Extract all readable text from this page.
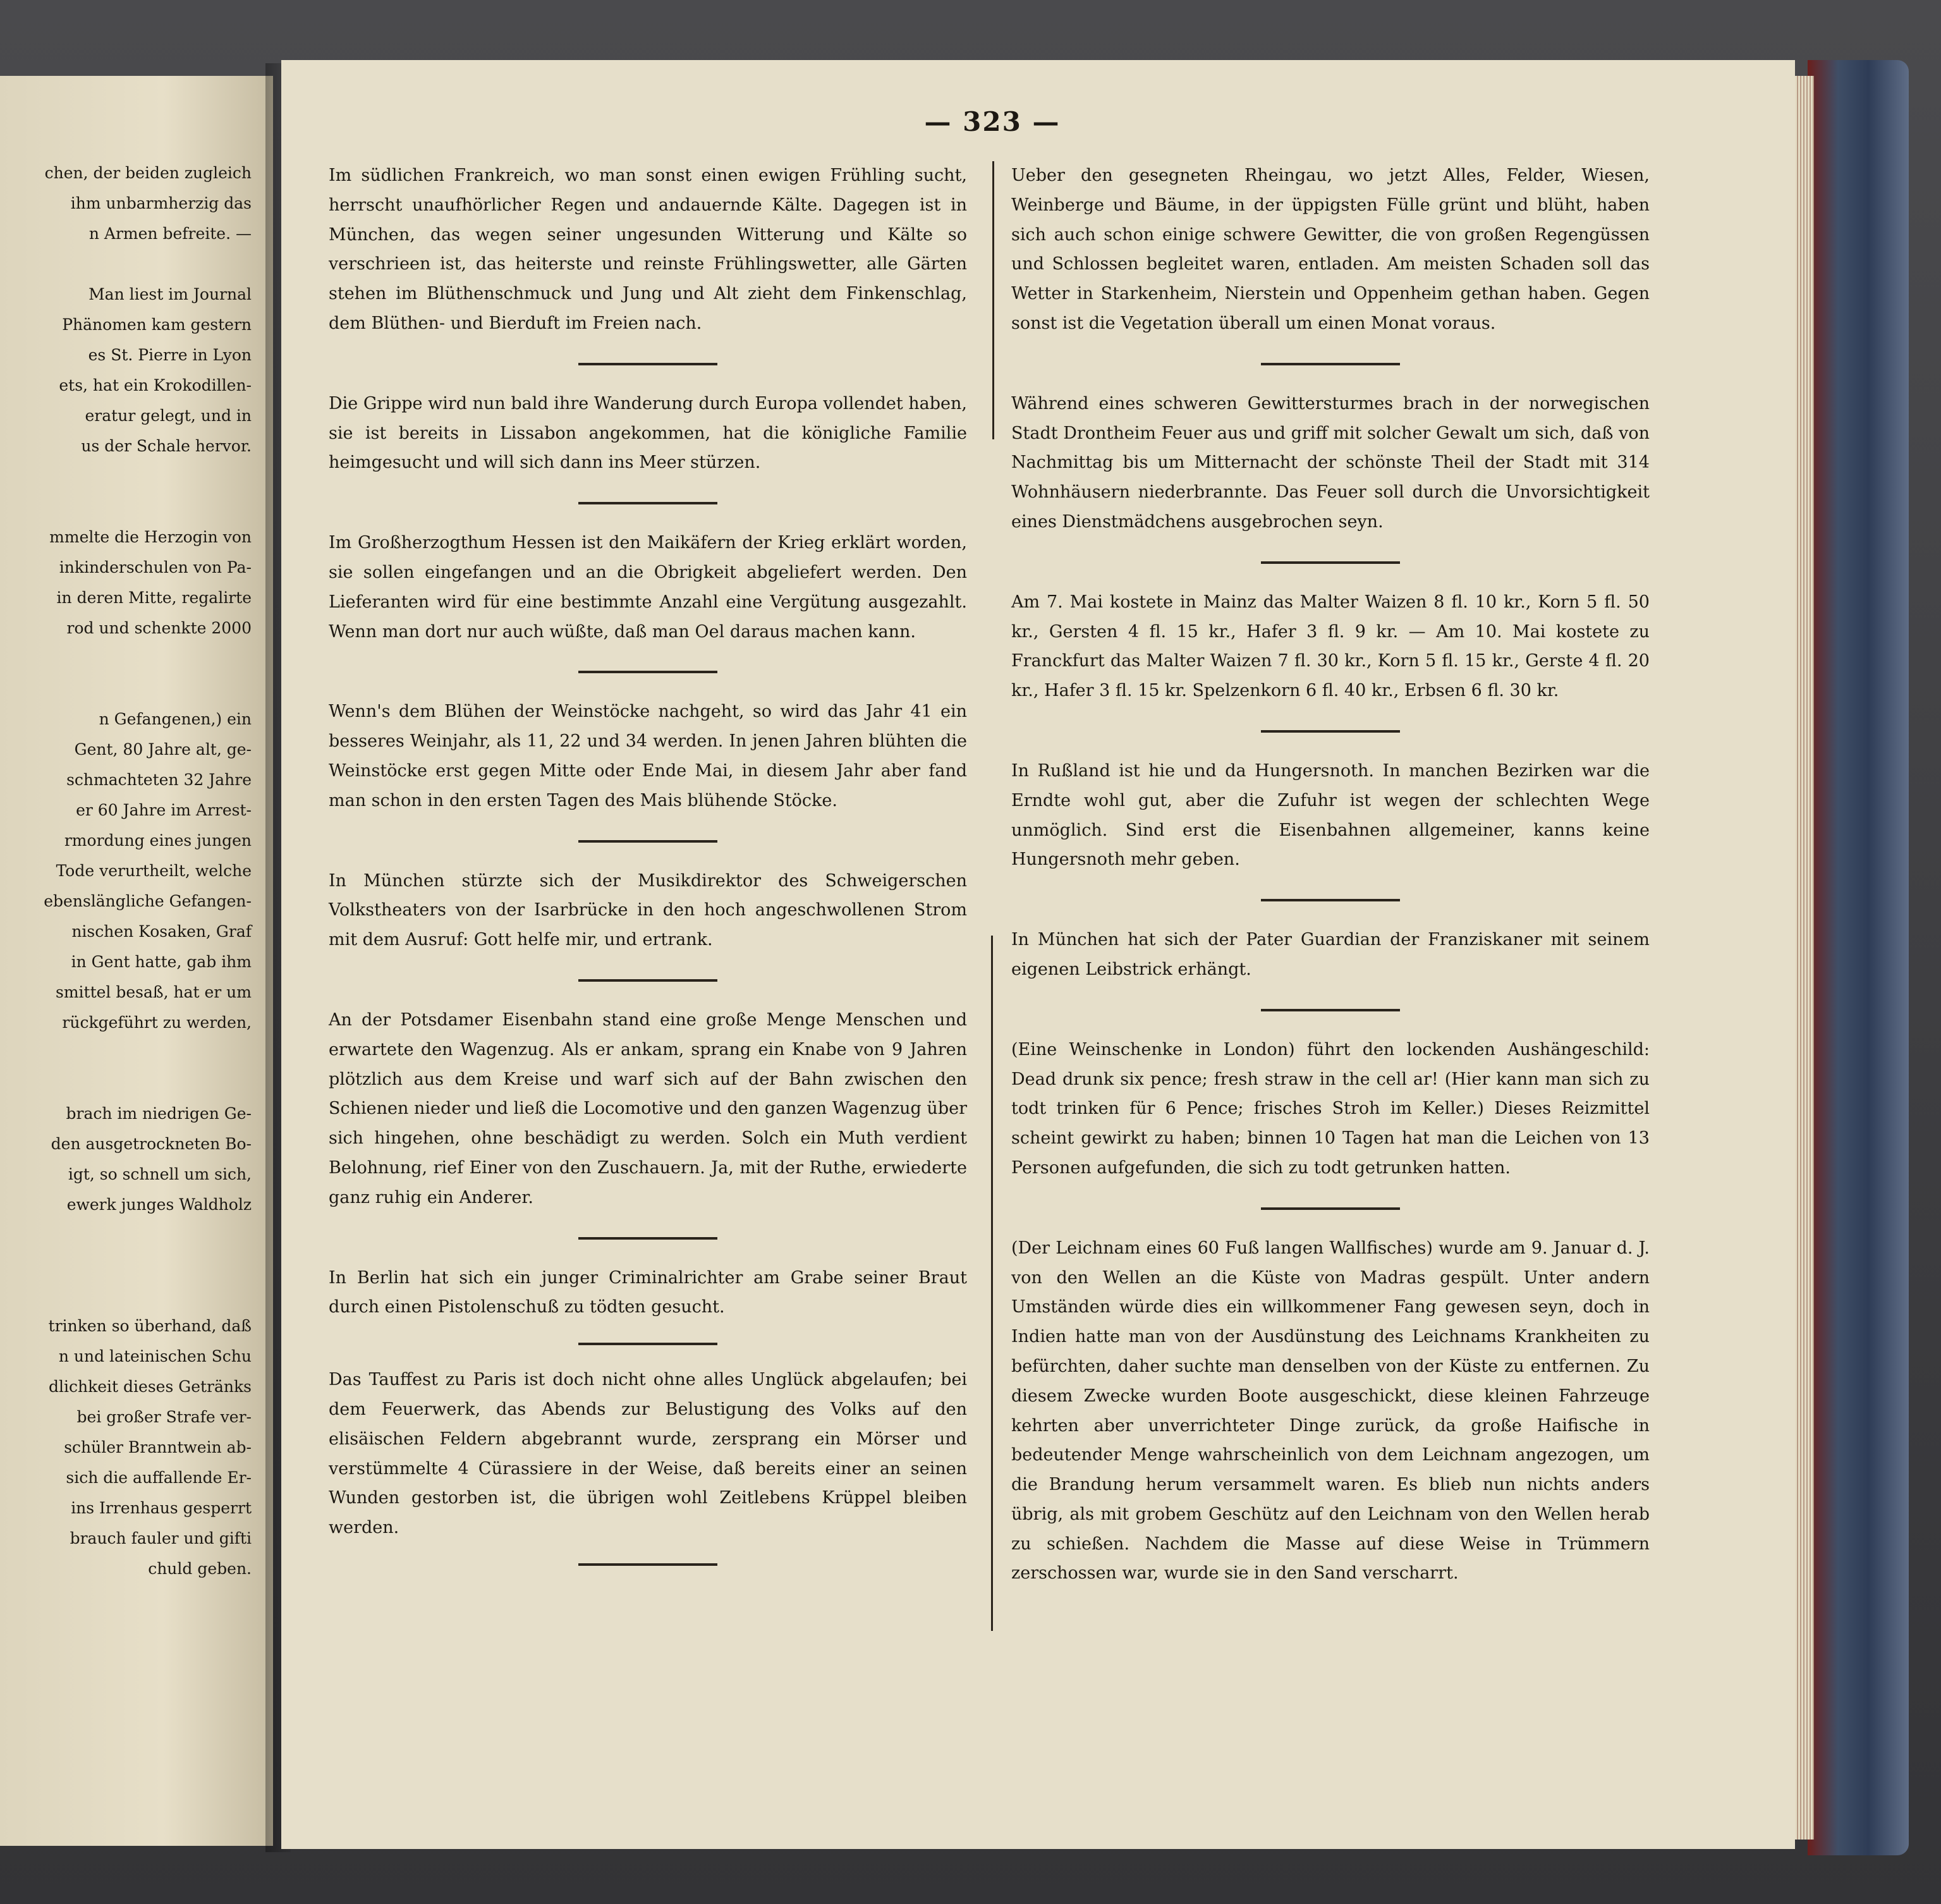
chen, der beiden zugleich

ihm unbarmherzig das

n Armen befreite. —

Man liest im Journal

Phänomen kam gestern

es St. Pierre in Lyon

ets, hat ein Krokodillen-

eratur gelegt, und in

us der Schale hervor.

mmelte die Herzogin von

inkinderschulen von Pa-

in deren Mitte, regalirte

rod und schenkte 2000

n Gefangenen,) ein

Gent, 80 Jahre alt, ge-

schmachteten 32 Jahre

er 60 Jahre im Arrest-

rmordung eines jungen

Tode verurtheilt, welche

ebenslängliche Gefangen-

nischen Kosaken, Graf

in Gent hatte, gab ihm

smittel besaß, hat er um

rückgeführt zu werden,

brach im niedrigen Ge-

den ausgetrockneten Bo-

igt, so schnell um sich,

ewerk junges Waldholz

trinken so überhand, daß

n und lateinischen Schu

dlichkeit dieses Getränks

bei großer Strafe ver-

schüler Branntwein ab-

sich die auffallende Er-

ins Irrenhaus gesperrt

brauch fauler und gifti

chuld geben.

— 323 —

Im südlichen Frankreich, wo man sonst einen ewigen Frühling sucht, herrscht unaufhörlicher Regen und andauernde Kälte. Dagegen ist in München, das wegen seiner ungesunden Witterung und Kälte so verschrieen ist, das heiterste und reinste Frühlingswetter, alle Gärten stehen im Blüthenschmuck und Jung und Alt zieht dem Finkenschlag, dem Blüthen- und Bierduft im Freien nach.

Die Grippe wird nun bald ihre Wanderung durch Europa vollendet haben, sie ist bereits in Lissabon angekommen, hat die königliche Familie heimgesucht und will sich dann ins Meer stürzen.

Im Großherzogthum Hessen ist den Maikäfern der Krieg erklärt worden, sie sollen eingefangen und an die Obrigkeit abgeliefert werden. Den Lieferanten wird für eine bestimmte Anzahl eine Vergütung ausgezahlt. Wenn man dort nur auch wüßte, daß man Oel daraus machen kann.

Wenn's dem Blühen der Weinstöcke nachgeht, so wird das Jahr 41 ein besseres Weinjahr, als 11, 22 und 34 werden. In jenen Jahren blühten die Weinstöcke erst gegen Mitte oder Ende Mai, in diesem Jahr aber fand man schon in den ersten Tagen des Mais blühende Stöcke.

In München stürzte sich der Musikdirektor des Schweigerschen Volkstheaters von der Isarbrücke in den hoch angeschwollenen Strom mit dem Ausruf: Gott helfe mir, und ertrank.

An der Potsdamer Eisenbahn stand eine große Menge Menschen und erwartete den Wagenzug. Als er ankam, sprang ein Knabe von 9 Jahren plötzlich aus dem Kreise und warf sich auf der Bahn zwischen den Schienen nieder und ließ die Locomotive und den ganzen Wagenzug über sich hingehen, ohne beschädigt zu werden. Solch ein Muth verdient Belohnung, rief Einer von den Zuschauern. Ja, mit der Ruthe, erwiederte ganz ruhig ein Anderer.

In Berlin hat sich ein junger Criminalrichter am Grabe seiner Braut durch einen Pistolenschuß zu tödten gesucht.

Das Tauffest zu Paris ist doch nicht ohne alles Unglück abgelaufen; bei dem Feuerwerk, das Abends zur Belustigung des Volks auf den elisäischen Feldern abgebrannt wurde, zersprang ein Mörser und verstümmelte 4 Cürassiere in der Weise, daß bereits einer an seinen Wunden gestorben ist, die übrigen wohl Zeitlebens Krüppel bleiben werden.

Ueber den gesegneten Rheingau, wo jetzt Alles, Felder, Wiesen, Weinberge und Bäume, in der üppigsten Fülle grünt und blüht, haben sich auch schon einige schwere Gewitter, die von großen Regengüssen und Schlossen begleitet waren, entladen. Am meisten Schaden soll das Wetter in Starkenheim, Nierstein und Oppenheim gethan haben. Gegen sonst ist die Vegetation überall um einen Monat voraus.

Während eines schweren Gewittersturmes brach in der norwegischen Stadt Drontheim Feuer aus und griff mit solcher Gewalt um sich, daß von Nachmittag bis um Mitternacht der schönste Theil der Stadt mit 314 Wohnhäusern niederbrannte. Das Feuer soll durch die Unvorsichtigkeit eines Dienstmädchens ausgebrochen seyn.

Am 7. Mai kostete in Mainz das Malter Waizen 8 fl. 10 kr., Korn 5 fl. 50 kr., Gersten 4 fl. 15 kr., Hafer 3 fl. 9 kr. — Am 10. Mai kostete zu Franckfurt das Malter Waizen 7 fl. 30 kr., Korn 5 fl. 15 kr., Gerste 4 fl. 20 kr., Hafer 3 fl. 15 kr. Spelzenkorn 6 fl. 40 kr., Erbsen 6 fl. 30 kr.

In Rußland ist hie und da Hungersnoth. In manchen Bezirken war die Erndte wohl gut, aber die Zufuhr ist wegen der schlechten Wege unmöglich. Sind erst die Eisenbahnen allgemeiner, kanns keine Hungersnoth mehr geben.

In München hat sich der Pater Guardian der Franziskaner mit seinem eigenen Leibstrick erhängt.

(Eine Weinschenke in London) führt den lockenden Aushängeschild: Dead drunk six pence; fresh straw in the cell ar! (Hier kann man sich zu todt trinken für 6 Pence; frisches Stroh im Keller.) Dieses Reizmittel scheint gewirkt zu haben; binnen 10 Tagen hat man die Leichen von 13 Personen aufgefunden, die sich zu todt getrunken hatten.

(Der Leichnam eines 60 Fuß langen Wallfisches) wurde am 9. Januar d. J. von den Wellen an die Küste von Madras gespült. Unter andern Umständen würde dies ein willkommener Fang gewesen seyn, doch in Indien hatte man von der Ausdünstung des Leichnams Krankheiten zu befürchten, daher suchte man denselben von der Küste zu entfernen. Zu diesem Zwecke wurden Boote ausgeschickt, diese kleinen Fahrzeuge kehrten aber unverrichteter Dinge zurück, da große Haifische in bedeutender Menge wahrscheinlich von dem Leichnam angezogen, um die Brandung herum versammelt waren. Es blieb nun nichts anders übrig, als mit grobem Geschütz auf den Leichnam von den Wellen herab zu schießen. Nachdem die Masse auf diese Weise in Trümmern zerschossen war, wurde sie in den Sand verscharrt.
